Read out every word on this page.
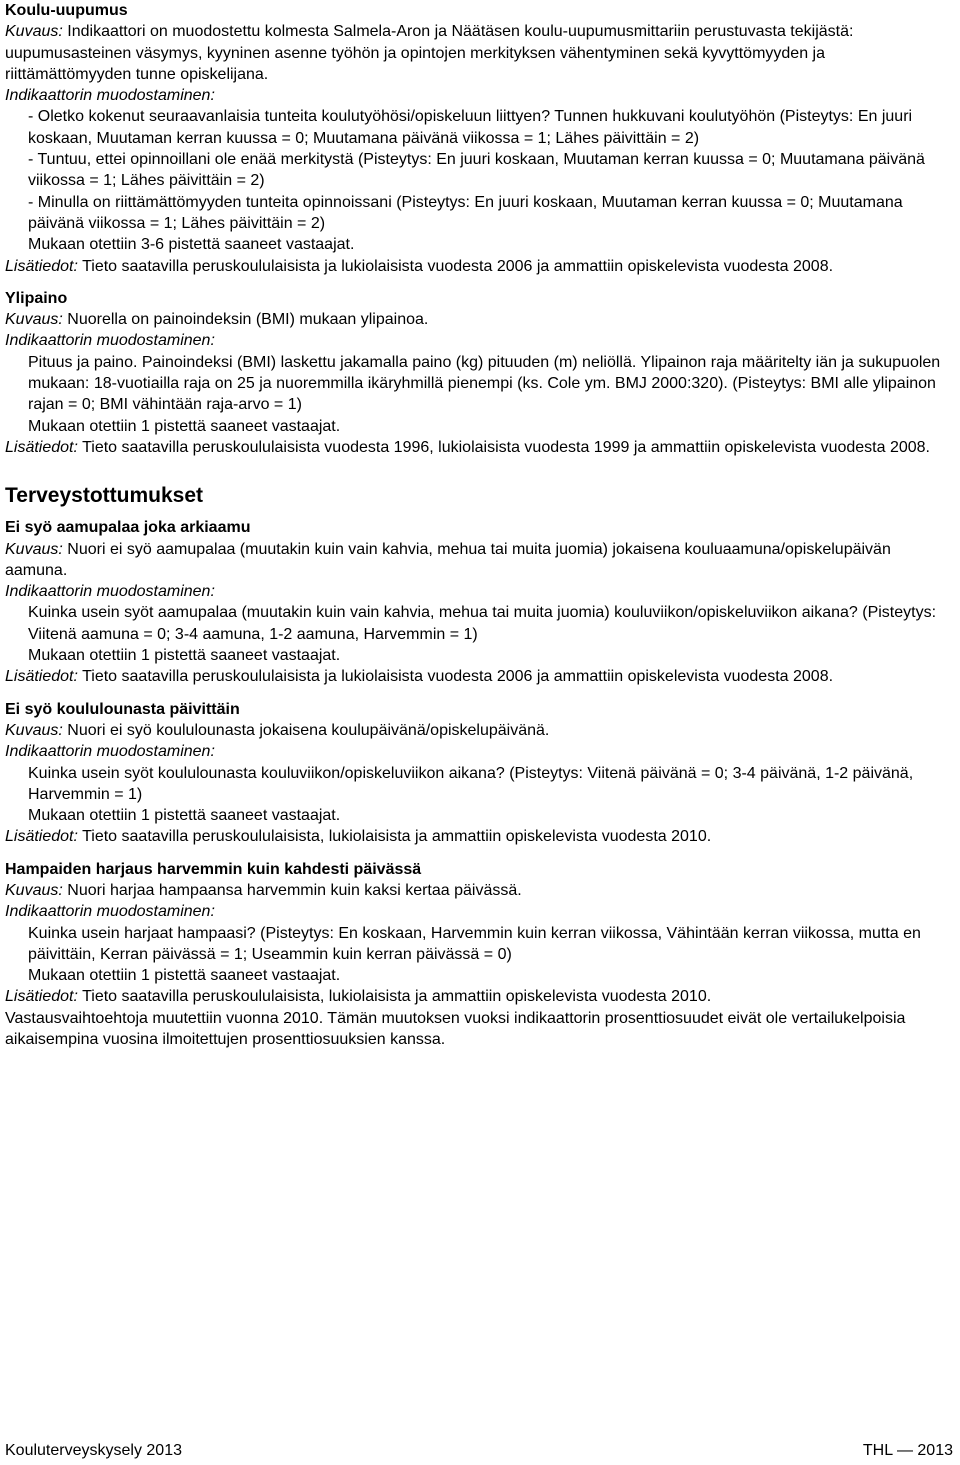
Koulu-uupumus

Kuvaus: Indikaattori on muodostettu kolmesta Salmela-Aron ja Näätäsen koulu-uupumusmittariin perustuvasta tekijästä: uupumusasteinen väsymys, kyyninen asenne työhön ja opintojen merkityksen vähentyminen sekä kyvyttömyyden ja riittämättömyyden tunne opiskelijana.

Indikaattorin muodostaminen:

- Oletko kokenut seuraavanlaisia tunteita koulutyöhösi/opiskeluun liittyen? Tunnen hukkuvani koulutyöhön (Pisteytys: En juuri koskaan, Muutaman kerran kuussa = 0; Muutamana päivänä viikossa = 1; Lähes päivittäin = 2)

- Tuntuu, ettei opinnoillani ole enää merkitystä (Pisteytys: En juuri koskaan, Muutaman kerran kuussa = 0; Muutamana päivänä viikossa = 1; Lähes päivittäin = 2)

- Minulla on riittämättömyyden tunteita opinnoissani (Pisteytys: En juuri koskaan, Muutaman kerran kuussa = 0; Muutamana päivänä viikossa = 1; Lähes päivittäin = 2)

Mukaan otettiin 3-6 pistettä saaneet vastaajat.

Lisätiedot: Tieto saatavilla peruskoululaisista ja lukiolaisista vuodesta 2006 ja ammattiin opiskelevista vuodesta 2008.

Ylipaino

Kuvaus: Nuorella on painoindeksin (BMI) mukaan ylipainoa.

Indikaattorin muodostaminen:

Pituus ja paino. Painoindeksi (BMI) laskettu jakamalla paino (kg) pituuden (m) neliöllä. Ylipainon raja määritelty iän ja sukupuolen mukaan: 18-vuotiailla raja on 25 ja nuoremmilla ikäryhmillä pienempi (ks. Cole ym. BMJ 2000:320). (Pisteytys: BMI alle ylipainon rajan = 0; BMI vähintään raja-arvo = 1)

Mukaan otettiin 1 pistettä saaneet vastaajat.

Lisätiedot: Tieto saatavilla peruskoululaisista vuodesta 1996, lukiolaisista vuodesta 1999 ja ammattiin opiskelevista vuodesta 2008.

Terveystottumukset
Ei syö aamupalaa joka arkiaamu

Kuvaus: Nuori ei syö aamupalaa (muutakin kuin vain kahvia, mehua tai muita juomia) jokaisena kouluaamuna/opiskelupäivän aamuna.

Indikaattorin muodostaminen:

Kuinka usein syöt aamupalaa (muutakin kuin vain kahvia, mehua tai muita juomia) kouluviikon/opiskeluviikon aikana? (Pisteytys: Viitenä aamuna = 0; 3-4 aamuna, 1-2 aamuna, Harvemmin = 1)

Mukaan otettiin 1 pistettä saaneet vastaajat.

Lisätiedot: Tieto saatavilla peruskoululaisista ja lukiolaisista vuodesta 2006 ja ammattiin opiskelevista vuodesta 2008.

Ei syö koululounasta päivittäin

Kuvaus: Nuori ei syö koululounasta jokaisena koulupäivänä/opiskelupäivänä.

Indikaattorin muodostaminen:

Kuinka usein syöt koululounasta kouluviikon/opiskeluviikon aikana? (Pisteytys: Viitenä päivänä = 0; 3-4 päivänä, 1-2 päivänä, Harvemmin = 1)

Mukaan otettiin 1 pistettä saaneet vastaajat.

Lisätiedot: Tieto saatavilla peruskoululaisista, lukiolaisista ja ammattiin opiskelevista vuodesta 2010.

Hampaiden harjaus harvemmin kuin kahdesti päivässä

Kuvaus: Nuori harjaa hampaansa harvemmin kuin kaksi kertaa päivässä.

Indikaattorin muodostaminen:

Kuinka usein harjaat hampaasi? (Pisteytys: En koskaan, Harvemmin kuin kerran viikossa, Vähintään kerran viikossa, mutta en päivittäin, Kerran päivässä = 1; Useammin kuin kerran päivässä = 0)

Mukaan otettiin 1 pistettä saaneet vastaajat.

Lisätiedot: Tieto saatavilla peruskoululaisista, lukiolaisista ja ammattiin opiskelevista vuodesta 2010.

Vastausvaihtoehtoja muutettiin vuonna 2010. Tämän muutoksen vuoksi indikaattorin prosenttiosuudet eivät ole vertailukelpoisia aikaisempina vuosina ilmoitettujen prosenttiosuuksien kanssa.

Kouluterveyskysely 2013	THL — 2013
